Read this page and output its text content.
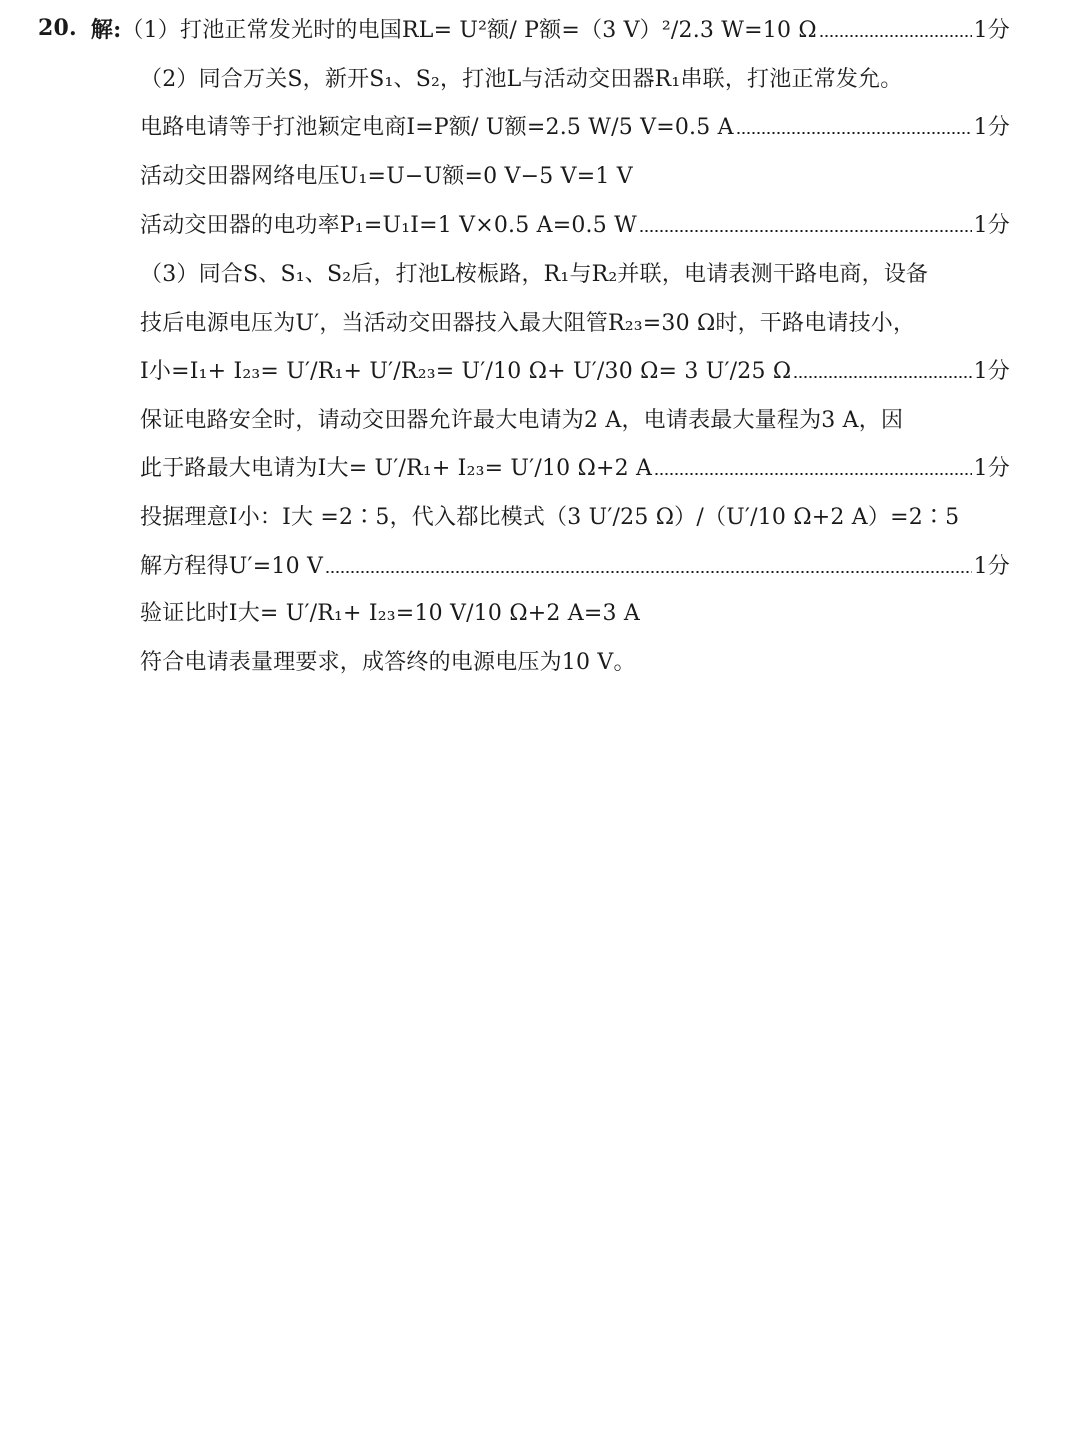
20. 解: （1）打池正常发光时的电国RL= U²额/ P额=（3 V）²/2.3 W=10 Ω	1分
（2）同合万关S，新开S₁、S₂，打池L与活动交田器R₁串联，打池正常发允。
电路电请等于打池颖定电商I=P额/ U额=2.5 W/5 V=0.5 A	1分
活动交田器网络电压U₁=U−U额=0 V−5 V=1 V
活动交田器的电功率P₁=U₁I=1 V×0.5 A=0.5 W	1分
（3）同合S、S₁、S₂后，打池L桉桭路，R₁与R₂并联，电请表测干路电商，设备
技后电源电压为U′，当活动交田器技入最大阻管R₂₃=30 Ω时，干路电请技小，
I小=I₁+ I₂₃= U′/R₁+ U′/R₂₃= U′/10 Ω+ U′/30 Ω= 3 U′/25 Ω	1分
保证电路安全时，请动交田器允许最大电请为2 A，电请表最大量程为3 A，因
此于路最大电请为I大= U′/R₁+ I₂₃= U′/10 Ω+2 A	1分
投据理意I小：I大 =2∶5，代入鄀比模式（3 U′/25 Ω）/（U′/10 Ω+2 A）=2∶5
解方程得U′=10 V	1分
验证比时I大= U′/R₁+ I₂₃=10 V/10 Ω+2 A=3 A
符合电请表量理要求，成答终的电源电压为10 V。
